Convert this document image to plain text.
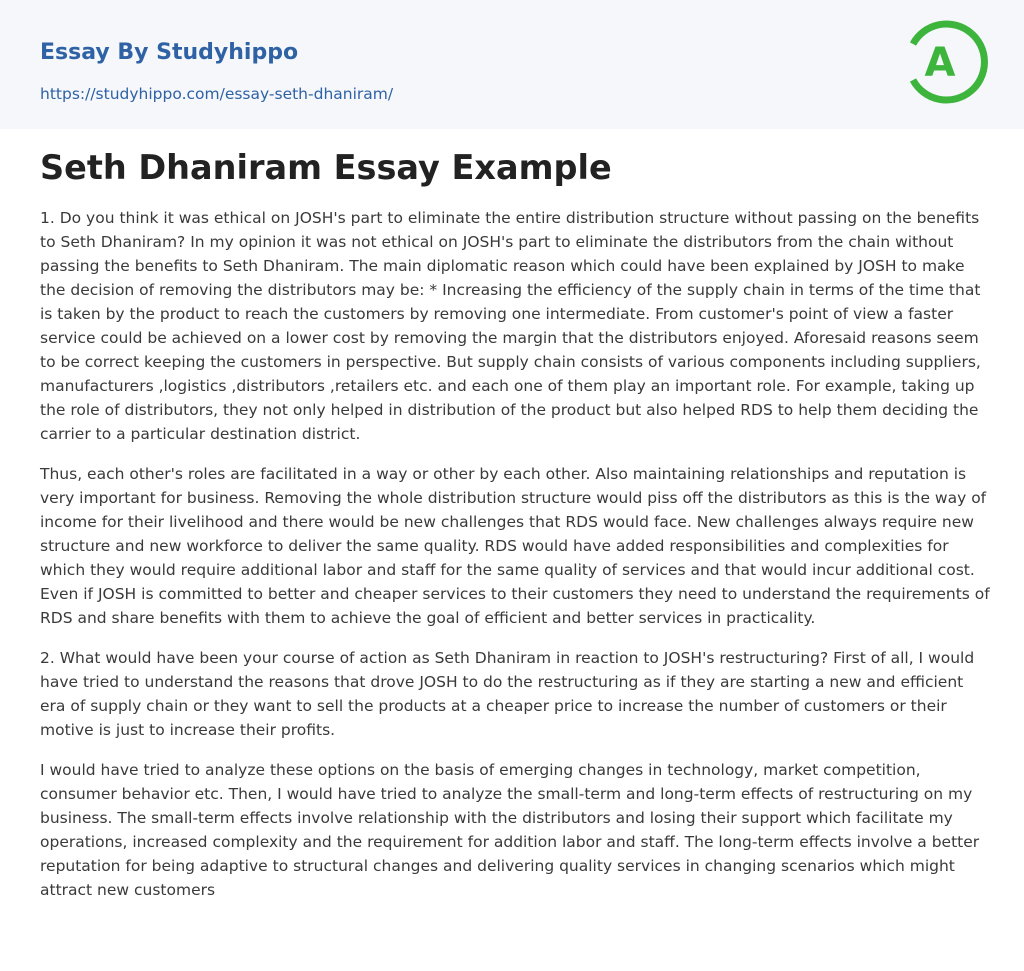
Essay By Studyhippo
https://studyhippo.com/essay-seth-dhaniram/
A
Seth Dhaniram Essay Example

1. Do you think it was ethical on JOSH's part to eliminate the entire distribution structure without passing on the benefits to Seth Dhaniram? In my opinion it was not ethical on JOSH's part to eliminate the distributors from the chain without passing the benefits to Seth Dhaniram. The main diplomatic reason which could have been explained by JOSH to make the decision of removing the distributors may be: * Increasing the efficiency of the supply chain in terms of the time that is taken by the product to reach the customers by removing one intermediate. From customer's point of view a faster service could be achieved on a lower cost by removing the margin that the distributors enjoyed. Aforesaid reasons seem to be correct keeping the customers in perspective. But supply chain consists of various components including suppliers, manufacturers ,logistics ,distributors ,retailers etc. and each one of them play an important role. For example, taking up the role of distributors, they not only helped in distribution of the product but also helped RDS to help them deciding the carrier to a particular destination district.

Thus, each other's roles are facilitated in a way or other by each other. Also maintaining relationships and reputation is very important for business. Removing the whole distribution structure would piss off the distributors as this is the way of income for their livelihood and there would be new challenges that RDS would face. New challenges always require new structure and new workforce to deliver the same quality. RDS would have added responsibilities and complexities for which they would require additional labor and staff for the same quality of services and that would incur additional cost. Even if JOSH is committed to better and cheaper services to their customers they need to understand the requirements of RDS and share benefits with them to achieve the goal of efficient and better services in practicality.

2. What would have been your course of action as Seth Dhaniram in reaction to JOSH's restructuring? First of all, I would have tried to understand the reasons that drove JOSH to do the restructuring as if they are starting a new and efficient era of supply chain or they want to sell the products at a cheaper price to increase the number of customers or their motive is just to increase their profits.

I would have tried to analyze these options on the basis of emerging changes in technology, market competition, consumer behavior etc. Then, I would have tried to analyze the small-term and long-term effects of restructuring on my business. The small-term effects involve relationship with the distributors and losing their support which facilitate my operations, increased complexity and the requirement for addition labor and staff. The long-term effects involve a better reputation for being adaptive to structural changes and delivering quality services in changing scenarios which might attract new customers
